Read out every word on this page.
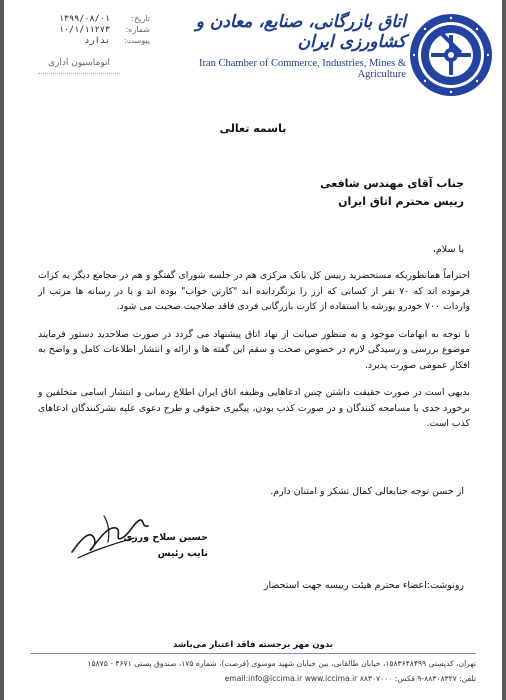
اتاق بازرگانی، صنایع، معادن و کشاورزی ایران
Iran Chamber of Commerce, Industries, Mines & Agriculture
تاریخ:
۱۳۹۹/۰۸/۰۱
شماره:
۱۰/۱/۱۱۲۷۳
پیوست:
ندارد
اتوماسیون اداری
باسمه تعالی
جناب آقای مهندس شافعی
رییس محترم اتاق ایران
با سلام،

احتراماً همانطوریکه مستحضرید رییس کل بانک مرکزی هم در جلسه شورای گفتگو و هم در مجامع دیگر به کرات فرموده اند که ۷۰ نفر از کسانی که ارز را برنگردانده اند "کارتن خواب" بوده اند و یا در رسانه ها مرتب از واردات ۷۰۰ خودرو پورشه با استفاده از کارت بازرگانی فردی فاقد صلاحیت صحبت می شود.

با توجه به ابهامات موجود و به منظور صیانت از نهاد اتاق پیشنهاد می گردد در صورت صلاحدید دستور فرمایند موضوع بررسی و رسیدگی لازم در خصوص صحت و سقم این گفته ها و ارائه و انتشار اطلاعات کامل و واضح به افکار عمومی صورت پذیرد.

بدیهی است در صورت حقیقت داشتن چنین ادعاهایی وظیفه اتاق ایران اطلاع رسانی و انتشار اسامی متخلفین و برخورد جدی با مسامحه کنندگان و در صورت کذب بودن، پیگیری حقوقی و طرح دعوی علیه نشرکنندگان ادعاهای کذب است.

از حسن توجه جنابعالی کمال تشکر و امتنان دارم.
حسین سلاح ورزی
نایب رئیس
رونوشت:اعضاء محترم هیئت رییسه جهت استحضار
بدون مهر برجسته فاقد اعتبار می‌باشد
تهران، کدپستی ۱۵۸۳۶۴۸۴۹۹، خیابان طالقانی، بین خیابان شهید موسوی (فرصت)، شماره ۱۷۵، صندوق پستی ۴۶۷۱ - ۱۵۸۷۵
تلفن: ۸۸۳۰۸۳۲۷-۹ فکس: ۸۸۳۰۷۰۰۰ email:info@iccima.ir www.iccima.ir
